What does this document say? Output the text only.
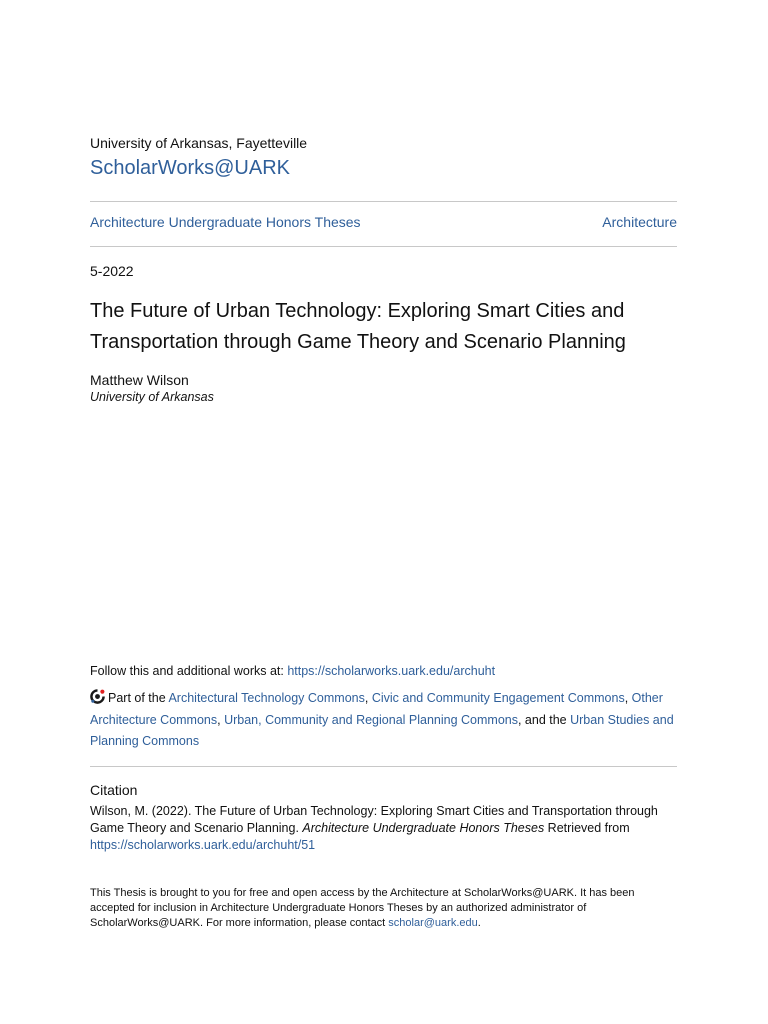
University of Arkansas, Fayetteville
ScholarWorks@UARK
Architecture Undergraduate Honors Theses	Architecture
5-2022
The Future of Urban Technology: Exploring Smart Cities and Transportation through Game Theory and Scenario Planning
Matthew Wilson
University of Arkansas
Follow this and additional works at: https://scholarworks.uark.edu/archuht
Part of the Architectural Technology Commons, Civic and Community Engagement Commons, Other Architecture Commons, Urban, Community and Regional Planning Commons, and the Urban Studies and Planning Commons
Citation
Wilson, M. (2022). The Future of Urban Technology: Exploring Smart Cities and Transportation through Game Theory and Scenario Planning. Architecture Undergraduate Honors Theses Retrieved from
https://scholarworks.uark.edu/archuht/51
This Thesis is brought to you for free and open access by the Architecture at ScholarWorks@UARK. It has been accepted for inclusion in Architecture Undergraduate Honors Theses by an authorized administrator of ScholarWorks@UARK. For more information, please contact scholar@uark.edu.
